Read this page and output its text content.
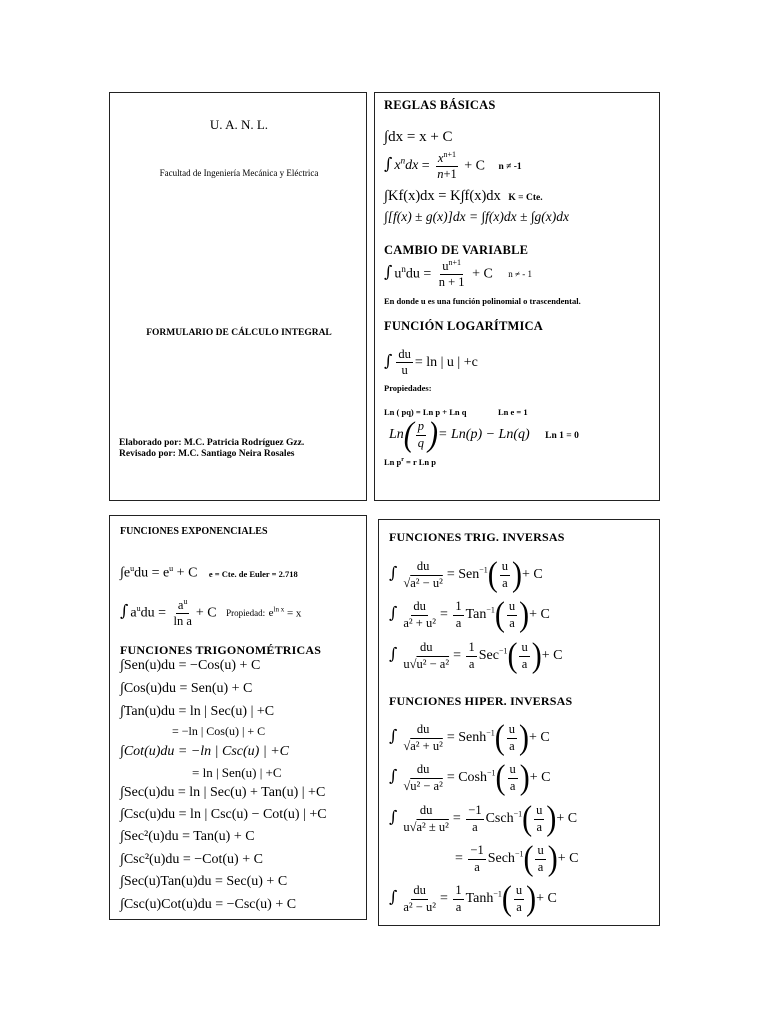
U. A. N. L.
Facultad de Ingeniería Mecánica y Eléctrica
FORMULARIO DE CÁLCULO INTEGRAL
Elaborado por: M.C. Patricia Rodríguez Gzz.
Revisado por: M.C. Santiago Neira Rosales
REGLAS BÁSICAS
∫dx = x + C
∫ $x^ndx = \frac{x^{n+1}}{n+1} + C$ n ≠ -1
∫Kf(x)dx = K∫f(x)dx K = Cte.
∫[f(x) ± g(x)]dx = ∫f(x)dx ± ∫g(x)dx
CAMBIO DE VARIABLE
∫ $u^ndu = \frac{u^{n+1}}{n + 1} + C$ n ≠ - 1
En donde u es una función polinomial o trascendental.
FUNCIÓN LOGARÍTMICA
∫ $\frac{du}{u} = \ln$ | u | +c
Propiedades:
Ln ( pq) = Ln p + Ln q	Ln e = 1
Ln ( $\frac{p}{q}$ ) = Ln(p) − Ln(q) Ln 1 = 0
Ln $p^r = r$ Ln p
FUNCIONES EXPONENCIALES
$\int e^udu = e^u + C$ e = Cte. de Euler = 2.718
∫ $a^udu = \frac{a^u}{\text{ln a}} + C$ Propiedad: $e^{ln x} = x$
FUNCIONES TRIGONOMÉTRICAS
∫Sen(u)du = −Cos(u) + C
∫Cos(u)du = Sen(u) + C
∫Tan(u)du = ln | Sec(u) | +C
= −ln | Cos(u) | + C
∫Cot(u)du = −ln | Csc(u) | +C
= ln | Sen(u) | +C
∫Sec(u)du = ln | Sec(u) + Tan(u) | +C
∫Csc(u)du = ln | Csc(u) − Cot(u) | +C
∫Sec²(u)du = Tan(u) + C
∫Csc²(u)du = −Cot(u) + C
∫Sec(u)Tan(u)du = Sec(u) + C
∫Csc(u)Cot(u)du = −Csc(u) + C
FUNCIONES TRIG. INVERSAS
∫ $\frac{du}{\text{√a² − u²}} = Sen^{-1}$ ( $\frac{u}{a}$ ) + C
∫ $\frac{du}{\text{a² + u²}} = \frac{1}{a} Tan^{-1}$ ( $\frac{u}{a}$ ) + C
∫ $\frac{du}{\text{u√u² − a²}} = \frac{1}{a} Sec^{-1}$ ( $\frac{u}{a}$ ) + C
FUNCIONES HIPER. INVERSAS
∫ $\frac{du}{\text{√a² + u²}}$ = Senh$^{-1}$ ( $\frac{u}{a}$ ) + C
∫ $\frac{du}{\text{√u² − a²}}$ = Cosh$^{-1}$ ( $\frac{u}{a}$ ) + C
∫ $\frac{du}{\text{u√a² ± u²}} = \frac{-1}{a}$ Csch$^{-1}$ ( $\frac{u}{a}$ ) + C
= $\frac{-1}{a}$ Sech$^{-1}$ ( $\frac{u}{a}$ ) + C
∫ $\frac{du}{\text{a² − u²}} = \frac{1}{a}$ Tanh$^{-1}$ ( $\frac{u}{a}$ ) + C
